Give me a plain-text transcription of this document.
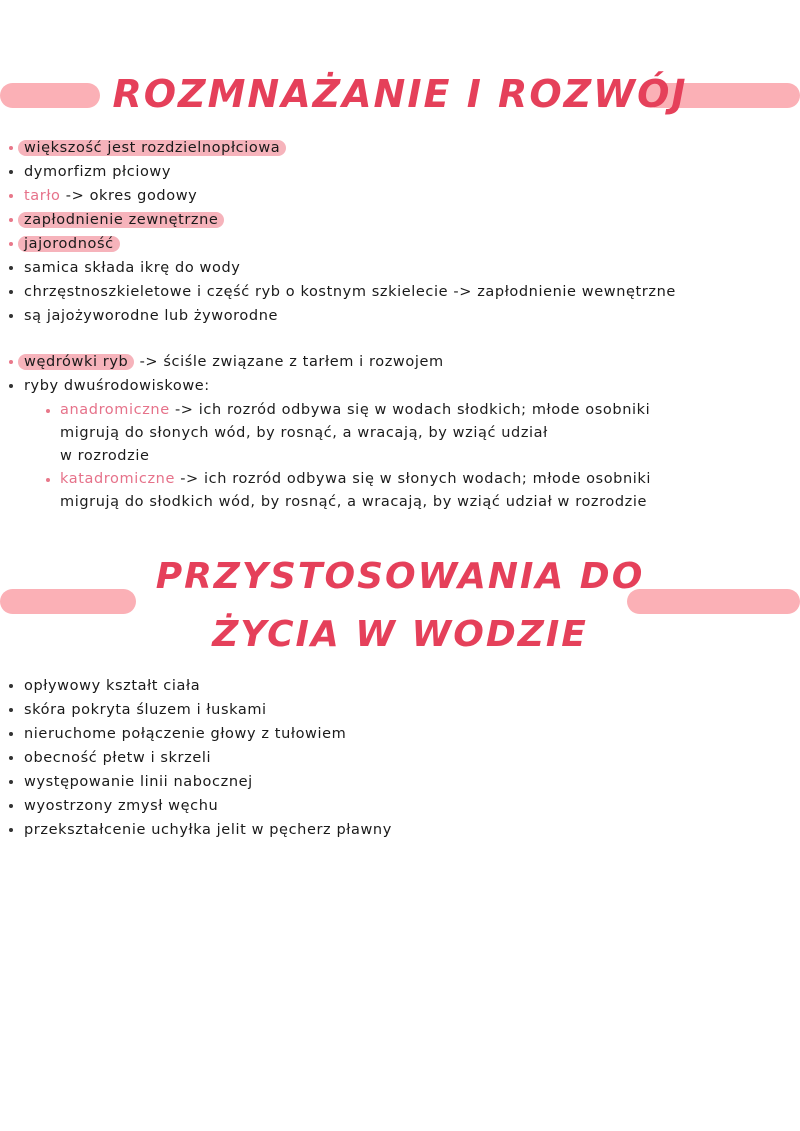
ROZMNAŻANIE I ROZWÓJ
większość jest rozdzielnopłciowa
dymorfizm płciowy
tarło -> okres godowy
zapłodnienie zewnętrzne
jajorodność
samica składa ikrę do wody
chrzęstnoszkieletowe i część ryb o kostnym szkielecie -> zapłodnienie wewnętrzne
są jajożyworodne lub żyworodne
wędrówki ryb -> ściśle związane z tarłem i rozwojem
ryby dwuśrodowiskowe:
anadromiczne -> ich rozród odbywa się w wodach słodkich; młode osobniki
migrują do słonych wód, by rosnąć, a wracają, by wziąć udział
w rozrodzie
katadromiczne -> ich rozród odbywa się w słonych wodach; młode osobniki
migrują do słodkich wód, by rosnąć, a wracają, by wziąć udział w rozrodzie
PRZYSTOSOWANIA DO
ŻYCIA W WODZIE
opływowy kształt ciała
skóra pokryta śluzem i łuskami
nieruchome połączenie głowy z tułowiem
obecność płetw i skrzeli
występowanie linii nabocznej
wyostrzony zmysł węchu
przekształcenie uchyłka jelit w pęcherz pławny
